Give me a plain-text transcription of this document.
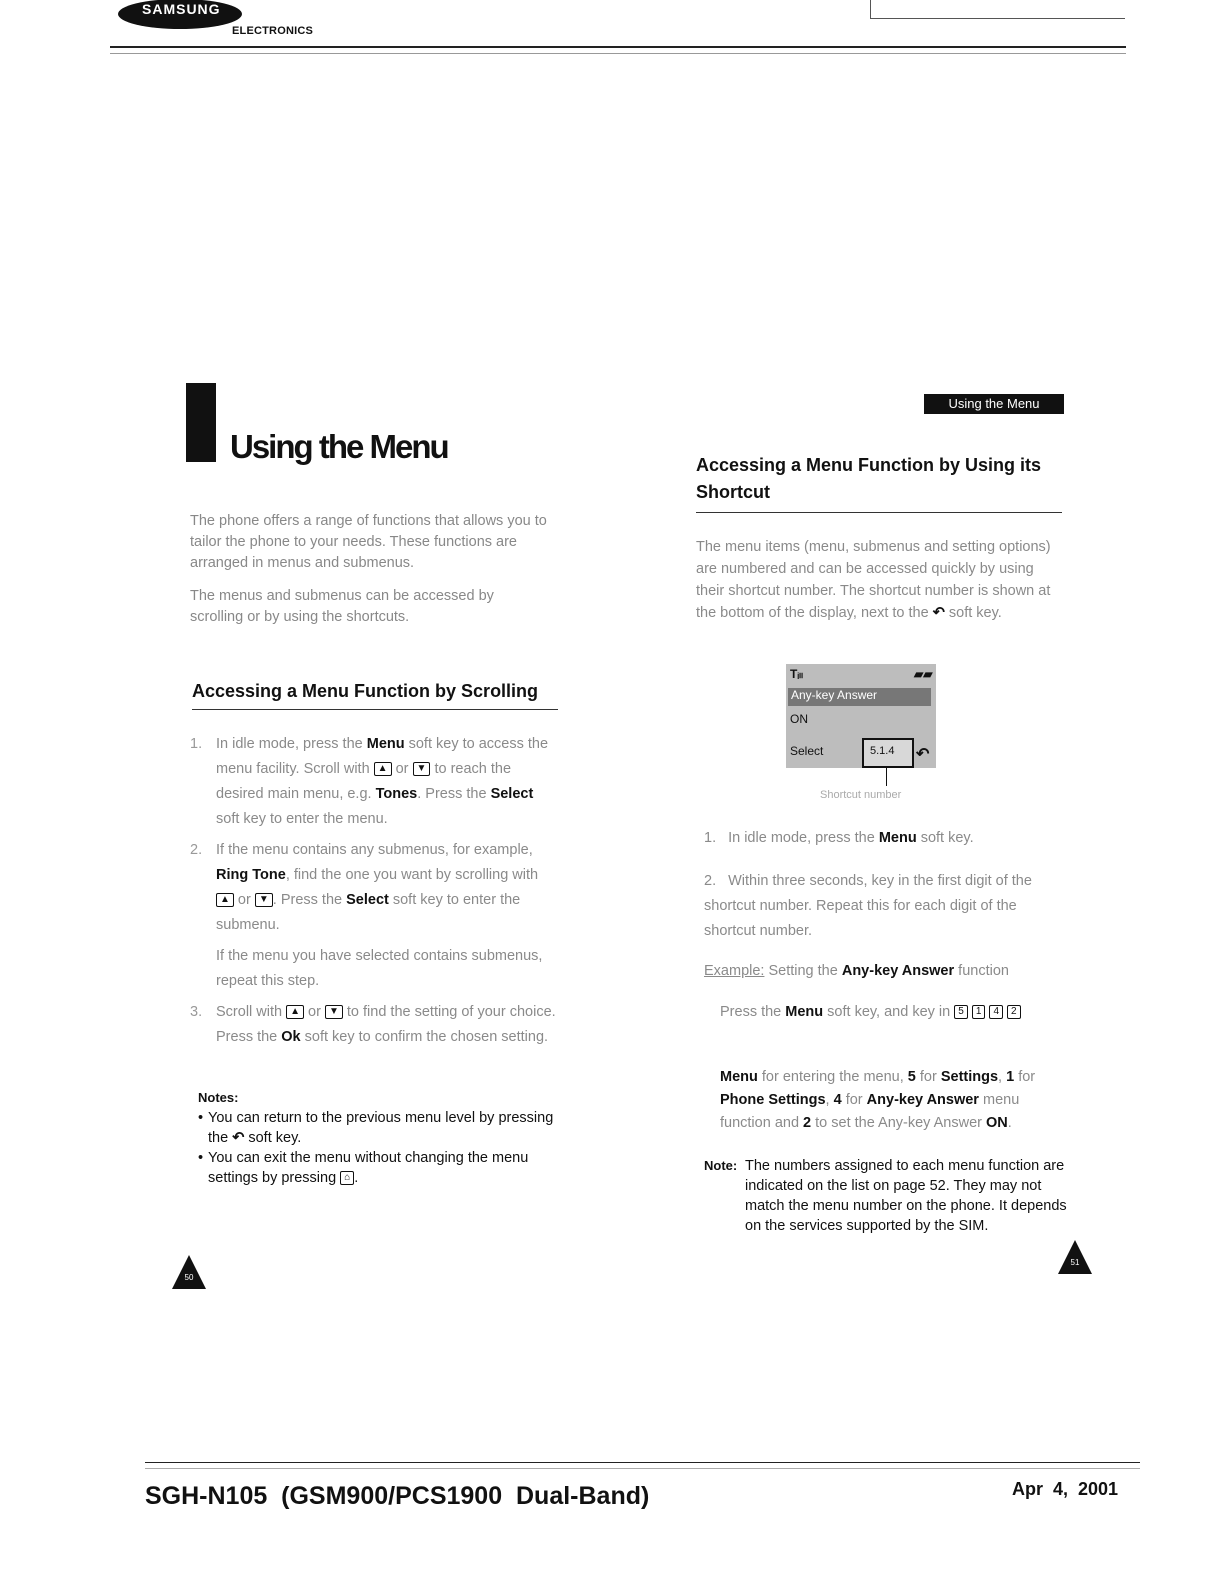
SAMSUNG
ELECTRONICS
Using the Menu

The phone offers a range of functions that allows you to tailor the phone to your needs. These functions are arranged in menus and submenus.

The menus and submenus can be accessed by scrolling or by using the shortcuts.

Accessing a Menu Function by Scrolling
1. In idle mode, press the Menu soft key to access the menu facility. Scroll with ▲ or ▼ to reach the desired main menu, e.g. Tones. Press the Select soft key to enter the menu.
2. If the menu contains any submenus, for example, Ring Tone, find the one you want by scrolling with ▲ or ▼ . Press the Select soft key to enter the submenu.
If the menu you have selected contains submenus, repeat this step.
3. Scroll with ▲ or ▼ to find the setting of your choice. Press the Ok soft key to confirm the chosen setting.
Notes:
• You can return to the previous menu level by pressing the ↶ soft key.
• You can exit the menu without changing the menu settings by pressing ⌂ .
50
Using the Menu
Accessing a Menu Function by Using its Shortcut
The menu items (menu, submenus and setting options) are numbered and can be accessed quickly by using their shortcut number. The shortcut number is shown at the bottom of the display, next to the ↶ soft key.
Tᵢₗₗ	▰▰
Any-key Answer
ON
Select	↶
5.1.4
Shortcut number
1. In idle mode, press the Menu soft key.
2. Within three seconds, key in the first digit of the shortcut number. Repeat this for each digit of the shortcut number.
Example: Setting the Any-key Answer function
Press the Menu soft key, and key in 5 1 4 2
Menu for entering the menu, 5 for Settings, 1 for Phone Settings, 4 for Any-key Answer menu function and 2 to set the Any-key Answer ON.
Note: The numbers assigned to each menu function are indicated on the list on page 52. They may not match the menu number on the phone. It depends on the services supported by the SIM.
51
SGH-N105  (GSM900/PCS1900  Dual-Band)	Apr  4,  2001
